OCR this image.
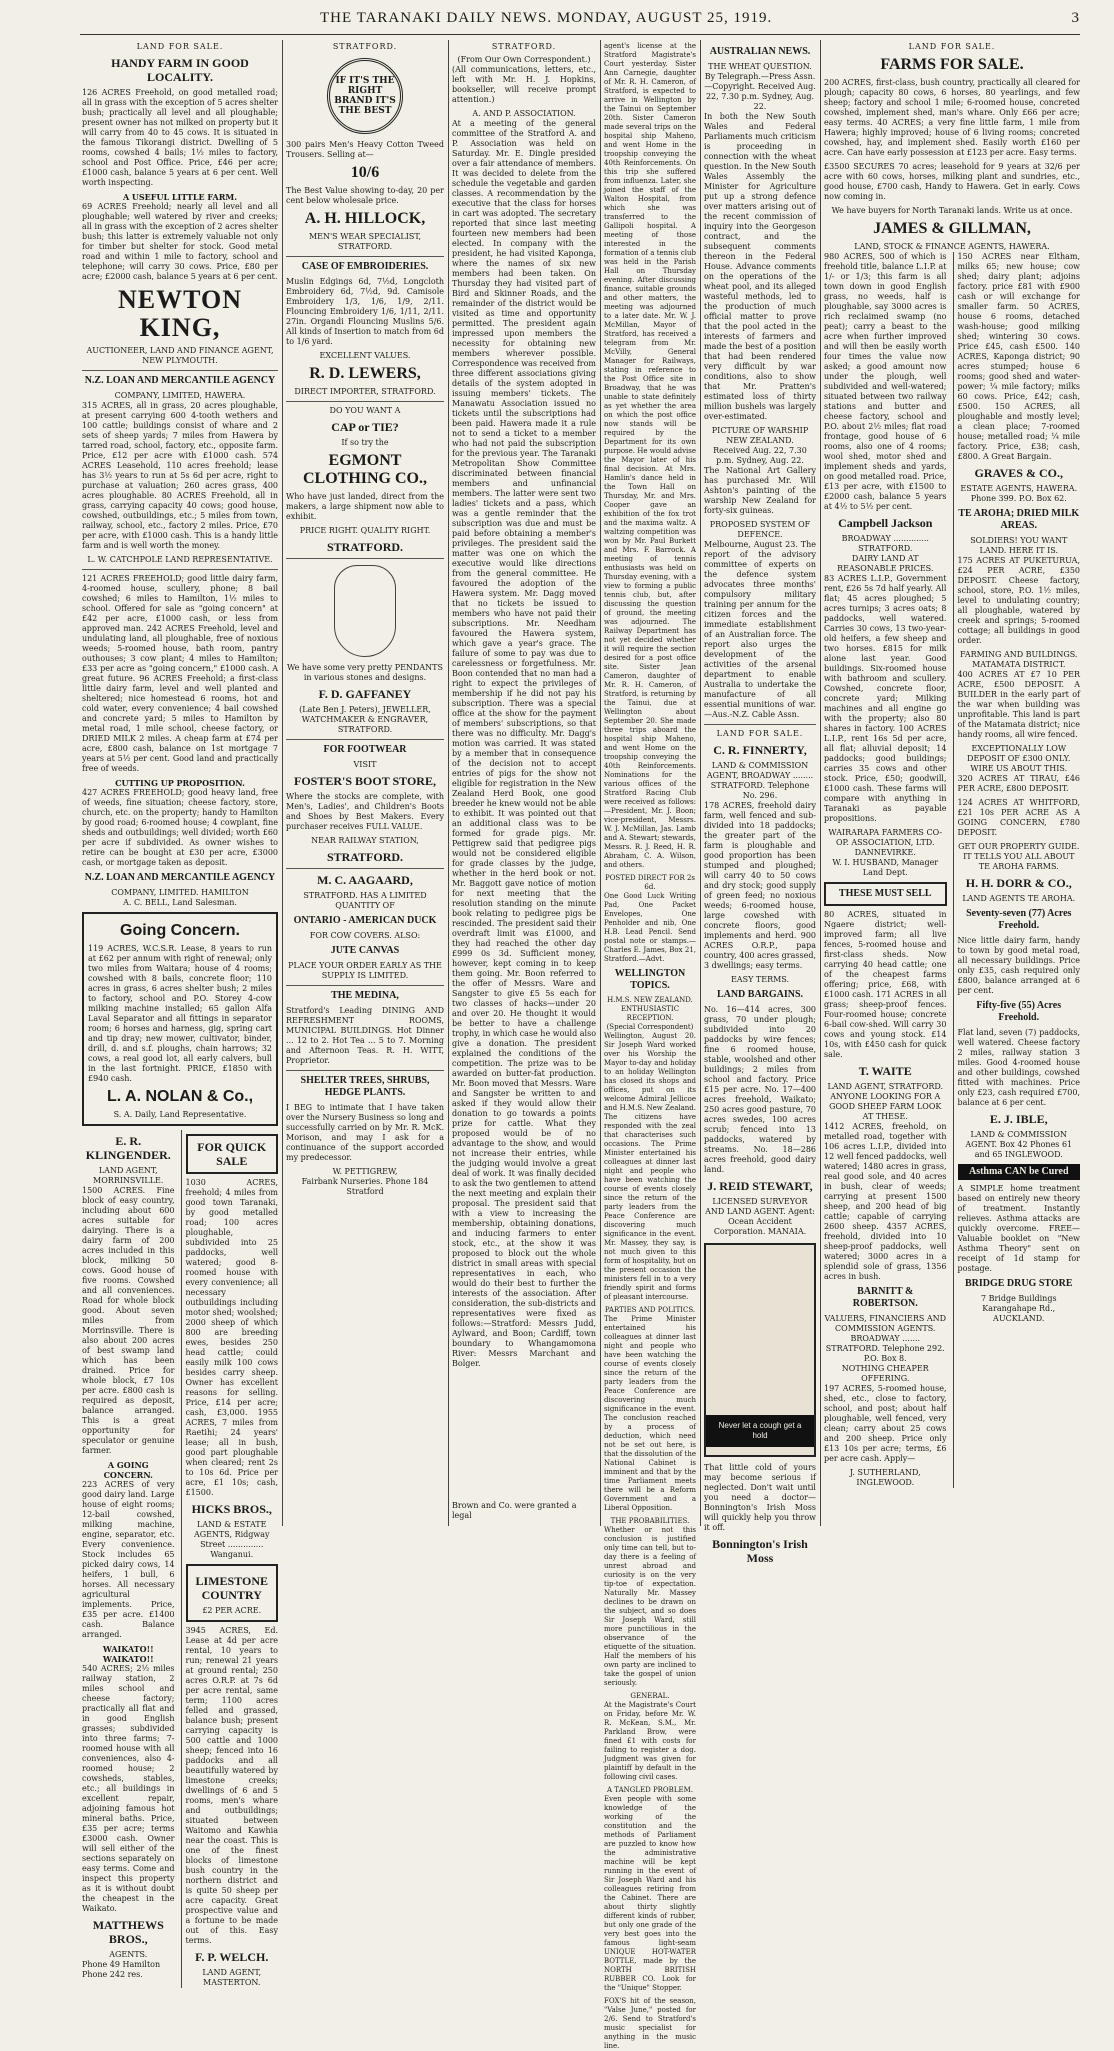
THE TARANAKI DAILY NEWS. MONDAY, AUGUST 25, 1919.	3
LAND FOR SALE.
HANDY FARM IN GOOD LOCALITY.

126 ACRES Freehold, on good metalled road; all in grass with the exception of 5 acres shelter bush; practically all level and all ploughable; present owner has not milked on property but it will carry from 40 to 45 cows. It is situated in the famous Tikorangi district. Dwelling of 5 rooms, cowshed 4 bails; 1½ miles to factory, school and Post Office. Price, £46 per acre; £1000 cash, balance 5 years at 6 per cent. Well worth inspecting.

A USEFUL LITTLE FARM.

69 ACRES Freehold; nearly all level and all ploughable; well watered by river and creeks; all in grass with the exception of 2 acres shelter bush; this latter is extremely valuable not only for timber but shelter for stock. Good metal road and within 1 mile to factory, school and telephone; will carry 30 cows. Price, £80 per acre; £2000 cash, balance 5 years at 6 per cent.

NEWTON KING,
AUCTIONEER, LAND AND FINANCE AGENT, NEW PLYMOUTH.
N.Z. LOAN AND MERCANTILE AGENCY
COMPANY, LIMITED, HAWERA.

315 ACRES, all in grass, 20 acres ploughable, at present carrying 600 4-tooth wethers and 100 cattle; buildings consist of whare and 2 sets of sheep yards; 7 miles from Hawera by tarred road, school, factory, etc., opposite farm. Price, £12 per acre with £1000 cash. 574 ACRES Leasehold, 110 acres freehold; lease has 3½ years to run at 5s 6d per acre, right to purchase at valuation; 260 acres grass, 400 acres ploughable. 80 ACRES Freehold, all in grass, carrying capacity 40 cows; good house, cowshed, outbuildings, etc.; 5 miles from town, railway, school, etc., factory 2 miles. Price, £70 per acre, with £1000 cash. This is a handy little farm and is well worth the money.

L. W. CATCHPOLE LAND REPRESENTATIVE.

121 ACRES FREEHOLD; good little dairy farm, 4-roomed house, scullery, phone; 8 bail cowshed; 6 miles to Hamilton, 1½ miles to school. Offered for sale as "going concern" at £42 per acre, £1000 cash, or less from approved man. 242 ACRES Freehold, level and undulating land, all ploughable, free of noxious weeds; 5-roomed house, bath room, pantry outhouses; 3 cow plant; 4 miles to Hamilton; £33 per acre as "going concern," £1000 cash. A great future. 96 ACRES Freehold; a first-class little dairy farm, level and well planted and sheltered; nice homestead 6 rooms, hot and cold water, every convenience; 4 bail cowshed and concrete yard; 5 miles to Hamilton by metal road, 1 mile school, cheese factory, or DRIED MILK 2 miles. A cheap farm at £74 per acre, £800 cash, balance on 1st mortgage 7 years at 5½ per cent. Good land and practically free of weeds.

CUTTING UP PROPOSITION.

427 ACRES FREEHOLD; good heavy land, free of weeds, fine situation; cheese factory, store, church, etc. on the property; handy to Hamilton by good road; 6-roomed house; 4 cowplant, fine sheds and outbuildings; well divided; worth £60 per acre if subdivided. As owner wishes to retire can be bought at £30 per acre, £3000 cash, or mortgage taken as deposit.

N.Z. LOAN AND MERCANTILE AGENCY
COMPANY, LIMITED. HAMILTON
A. C. BELL, Land Salesman.
Going Concern.

119 ACRES, W.C.S.R. Lease, 8 years to run at £62 per annum with right of renewal; only two miles from Waitara; house of 4 rooms; cowshed with 8 bails, concrete floor; 110 acres in grass, 6 acres shelter bush; 2 miles to factory, school and P.O. Storey 4-cow milking machine installed; 65 gallon Alfa Laval Separator and all fittings in separator room; 6 horses and harness, gig, spring cart and tip dray; new mower, cultivator, binder, drill, d. and s.f. ploughs, chain harrows; 32 cows, a real good lot, all early calvers, bull in the last fortnight. PRICE, £1850 with £940 cash.

L. A. NOLAN & Co.,
S. A. Daily, Land Representative.
E. R. KLINGENDER.
LAND AGENT, MORRINSVILLE.

1500 ACRES. Fine block of easy country, including about 600 acres suitable for dairying. There is a dairy farm of 200 acres included in this block, milking 50 cows. Good house of five rooms. Cowshed and all conveniences. Road for whole block good. About seven miles from Morrinsville. There is also about 200 acres of best swamp land which has been drained. Price for whole block, £7 10s per acre. £800 cash is required as deposit, balance arranged. This is a great opportunity for speculator or genuine farmer.

A GOING CONCERN.

223 ACRES of very good dairy land. Large house of eight rooms; 12-bail cowshed, milking machine, engine, separator, etc. Every convenience. Stock includes 65 picked dairy cows, 14 heifers, 1 bull, 6 horses. All necessary agricultural implements. Price, £35 per acre. £1400 cash. Balance arranged.

WAIKATO!! WAIKATO!!

540 ACRES; 2½ miles railway station, 2 miles school and cheese factory; practically all flat and in good English grasses; subdivided into three farms; 7-roomed house with all conveniences, also 4-roomed house; 2 cowsheds, stables, etc.; all buildings in excellent repair, adjoining famous hot mineral baths. Price, £35 per acre; terms £3000 cash. Owner will sell either of the sections separately on easy terms. Come and inspect this property as it is without doubt the cheapest in the Waikato.

MATTHEWS BROS.,
AGENTS.
Phone 49 Hamilton Phone 242 res.
FOR QUICK SALE

1030 ACRES, freehold; 4 miles from good town Taranaki, by good metalled road; 100 acres ploughable, subdivided into 25 paddocks, well watered; good 8-roomed house with every convenience; all necessary outbuildings including motor shed; woolshed; 2000 sheep of which 800 are breeding ewes, besides 250 head cattle; could easily milk 100 cows besides carry sheep. Owner has excellent reasons for selling. Price, £14 per acre; cash, £3,000. 1955 ACRES, 7 miles from Raetihi; 24 years' lease; all in bush, good part ploughable when cleared; rent 2s to 10s 6d. Price per acre, £1 10s; cash, £1500.

HICKS BROS.,
LAND & ESTATE AGENTS, Ridgway Street .............. Wanganui.
LIMESTONE COUNTRY
£2 PER ACRE.

3945 ACRES, Ed. Lease at 4d per acre rental, 10 years to run; renewal 21 years at ground rental; 250 acres O.R.P. at 7s 6d per acre rental, same term; 1100 acres felled and grassed, balance bush; present carrying capacity is 500 cattle and 1000 sheep; fenced into 16 paddocks and all beautifully watered by limestone creeks; dwellings of 6 and 5 rooms, men's whare and outbuildings; situated between Waitomo and Kawhia near the coast. This is one of the finest blocks of limestone bush country in the northern district and is quite 50 sheep per acre capacity. Great prospective value and a fortune to be made out of this. Easy terms.

F. P. WELCH.
LAND AGENT, MASTERTON.
STRATFORD.
IF IT'S THE RIGHT BRAND IT'S THE BEST

300 pairs Men's Heavy Cotton Tweed Trousers. Selling at—

10/6

The Best Value showing to-day, 20 per cent below wholesale price.

A. H. HILLOCK,
MEN'S WEAR SPECIALIST, STRATFORD.
CASE OF EMBROIDERIES.

Muslin Edgings 6d, 7½d, Longcloth Embroidery 6d, 7½d, 9d. Camisole Embroidery 1/3, 1/6, 1/9, 2/11. Flouncing Embroidery 1/6, 1/11, 2/11. 27in. Organdi Flouncing Muslins 5/6. All kinds of Insertion to match from 6d to 1/6 yard.

EXCELLENT VALUES.
R. D. LEWERS,
DIRECT IMPORTER, STRATFORD.
DO YOU WANT A
CAP or TIE?
If so try the
EGMONT CLOTHING CO.,

Who have just landed, direct from the makers, a large shipment now able to exhibit.

PRICE RIGHT. QUALITY RIGHT.
STRATFORD.
We have some very pretty PENDANTS in various stones and designs.
F. D. GAFFANEY
(Late Ben J. Peters), JEWELLER, WATCHMAKER & ENGRAVER, STRATFORD.
FOR FOOTWEAR
VISIT
FOSTER'S BOOT STORE,

Where the stocks are complete, with Men's, Ladies', and Children's Boots and Shoes by Best Makers. Every purchaser receives FULL VALUE.

NEAR RAILWAY STATION,
STRATFORD.
M. C. AAGAARD,
STRATFORD. HAS A LIMITED QUANTITY OF
ONTARIO - AMERICAN DUCK
FOR COW COVERS. ALSO:
JUTE CANVAS
PLACE YOUR ORDER EARLY AS THE SUPPLY IS LIMITED.
THE MEDINA,

Stratford's Leading DINING AND REFRESHMENT ROOMS, MUNICIPAL BUILDINGS. Hot Dinner ... 12 to 2. Hot Tea ... 5 to 7. Morning and Afternoon Teas. R. H. WITT, Proprietor.

SHELTER TREES, SHRUBS, HEDGE PLANTS.

I BEG to intimate that I have taken over the Nursery Business so long and successfully carried on by Mr. R. McK. Morison, and may I ask for a continuance of the support accorded my predecessor.

W. PETTIGREW,
Fairbank Nurseries. Phone 184 Stratford
STRATFORD.
(From Our Own Correspondent.)

(All communications, letters, etc., left with Mr. H. J. Hopkins, bookseller, will receive prompt attention.)

A. AND P. ASSOCIATION.

At a meeting of the general committee of the Stratford A. and P. Association was held on Saturday. Mr. E. Dingle presided over a fair attendance of members. It was decided to delete from the schedule the vegetable and garden classes. A recommendation by the executive that the class for horses in cart was adopted. The secretary reported that since last meeting fourteen new members had been elected. In company with the president, he had visited Kaponga, where the names of six new members had been taken. On Thursday they had visited part of Bird and Skinner Roads, and the remainder of the district would be visited as time and opportunity permitted. The president again impressed upon members the necessity for obtaining new members wherever possible. Correspondence was received from three different associations giving details of the system adopted in issuing members' tickets. The Manawatu Association issued no tickets until the subscriptions had been paid. Hawera made it a rule not to send a ticket to a member who had not paid the subscription for the previous year. The Taranaki Metropolitan Show Committee discriminated between financial members and unfinancial members. The latter were sent two ladies' tickets and a pass, which was a gentle reminder that the subscription was due and must be paid before obtaining a member's privileges. The president said the matter was one on which the executive would like directions from the general committee. He favoured the adoption of the Hawera system. Mr. Dagg moved that no tickets be issued to members who have not paid their subscriptions. Mr. Needham favoured the Hawera system, which gave a year's grace. The failure of some to pay was due to carelessness or forgetfulness. Mr. Boon contended that no man had a right to expect the privileges of membership if he did not pay his subscription. There was a special office at the show for the payment of members' subscriptions, so that there was no difficulty. Mr. Dagg's motion was carried. It was stated by a member that in consequence of the decision not to accept entries of pigs for the show not eligible for registration in the New Zealand Herd Book, one good breeder he knew would not be able to exhibit. It was pointed out that an additional class was to be formed for grade pigs. Mr. Pettigrew said that pedigree pigs would not be considered eligible for grade classes by the judge, whether in the herd book or not. Mr. Baggott gave notice of motion for next meeting that the resolution standing on the minute book relating to pedigree pigs be rescinded. The president said their overdraft limit was £1000, and they had reached the other day £999 0s 3d. Sufficient money, however, kept coming in to keep them going. Mr. Boon referred to the offer of Messrs. Ware and Sangster to give £5 5s each for two classes of hacks—under 20 and over 20. He thought it would be better to have a challenge trophy, in which case he would also give a donation. The president explained the conditions of the competition. The prize was to be awarded on butter-fat production. Mr. Boon moved that Messrs. Ware and Sangster be written to and asked if they would allow their donation to go towards a points prize for cattle. What they proposed would be of no advantage to the show, and would not increase their entries, while the judging would involve a great deal of work. It was finally decided to ask the two gentlemen to attend the next meeting and explain their proposal. The president said that with a view to increasing the membership, obtaining donations, and inducing farmers to enter stock, etc., at the show it was proposed to block out the whole district in small areas with special representatives in each, who would do their best to further the interests of the association. After consideration, the sub-districts and representatives were fixed as follows:—Stratford: Messrs Judd, Aylward, and Boon; Cardiff, town boundary to Whangamomona River: Messrs Marchant and Bolger.

Brown and Co. were granted a legal

agent's license at the Stratford Magistrate's Court yesterday. Sister Ann Carnegie, daughter of Mr. R. H. Cameron, of Stratford, is expected to arrive in Wellington by the Tainui on September 20th. Sister Cameron made several trips on the hospital ship Maheno, and went Home in the troopship conveying the 40th Reinforcements. On this trip she suffered from influenza. Later, she joined the staff of the Walton Hospital, from which she was transferred to the Gallipoli hospital. A meeting of those interested in the formation of a tennis club was held in the Parish Hall on Thursday evening. After discussing finance, suitable grounds and other matters, the meeting was adjourned to a later date. Mr. W. J. McMillan, Mayor of Stratford, has received a telegram from Mr. McVilly, General Manager for Railways, stating in reference to the Post Office site in Broadway, that he was unable to state definitely as yet whether the area on which the post office now stands will be required by the Department for its own purpose. He would advise the Mayor later of his final decision. At Mrs. Hamlin's dance held in the Town Hall on Thursday, Mr. and Mrs. Cooper gave an exhibition of the fox trot and the maxima waltz. A waltzing competition was won by Mr. Paul Burkett and Mrs. F. Barrock. A meeting of tennis enthusiasts was held on Thursday evening, with a view to forming a public tennis club, but, after discussing the question of ground, the meeting was adjourned. The Railway Department has not yet decided whether it will require the section desired for a post office site. Sister Jean Cameron, daughter of Mr. R. H. Cameron, of Stratford, is returning by the Tainui, due at Wellington about September 20. She made three trips aboard the hospital ship Maheno, and went Home on the troopship conveying the 40th Reinforcements. Nominations for the various offices of the Stratford Racing Club were received as follows:—President, Mr. J. Boon; vice-president, Messrs. W. J. McMillan, Jas. Lamb and A. Stewart; stewards, Messrs. R. J. Reed, H. R. Abraham, C. A. Wilson, and others.

POSTED DIRECT FOR 2s 6d.

One Good Luck Writing Pad, One Packet Envelopes, One Penholder and nib, One H.B. Lead Pencil. Send postal note or stamps.—Charles E. James, Box 21, Stratford.—Advt.

WELLINGTON TOPICS.
H.M.S. NEW ZEALAND.
ENTHUSIASTIC RECEPTION.
(Special Correspondent)

Wellington, August 20. Sir Joseph Ward worked over his Worship the Mayor to-day and holiday to an holiday Wellington has closed its shops and offices, put on its welcome Admiral Jellicoe and H.M.S. New Zealand. The citizens have responded with the zeal that characterises such occasions. The Prime Minister entertained his colleagues at dinner last night and people who have been watching the course of events closely since the return of the party leaders from the Peace Conference are discovering much significance in the event. Mr. Massey, they say, is not much given to this form of hospitality, but on the present occasion the ministers fell in to a very friendly spirit and forms of pleasant intercourse.

PARTIES AND POLITICS.

The Prime Minister entertained his colleagues at dinner last night and people who have been watching the course of events closely since the return of the party leaders from the Peace Conference are discovering much significance in the event. The conclusion reached by a process of deduction, which need not be set out here, is that the dissolution of the National Cabinet is imminent and that by the time Parliament meets there will be a Reform Government and a Liberal Opposition.

THE PROBABILITIES.

Whether or not this conclusion is justified only time can tell, but to-day there is a feeling of unrest abroad and curiosity is on the very tip-toe of expectation. Naturally Mr. Massey declines to be drawn on the subject, and so does Sir Joseph Ward, still more punctilious in the observance of the etiquette of the situation. Half the members of his own party are inclined to take the gospel of union seriously.

GENERAL.

At the Magistrate's Court on Friday, before Mr. W. R. McKean, S.M., Mr. Parkland Brow, were fined £1 with costs for failing to register a dog. Judgment was given for plaintiff by default in the following civil cases.

A TANGLED PROBLEM.

Even people with some knowledge of the working of the constitution and the methods of Parliament are puzzled to know how the administrative machine will be kept running in the event of Sir Joseph Ward and his colleagues retiring from the Cabinet. There are about thirty slightly different kinds of rubber, but only one grade of the very best goes into the famous light-seam UNIQUE HOT-WATER BOTTLE, made by the NORTH BRITISH RUBBER CO. Look for the "Unique" Stopper.

FOX'S hit of the season, "Valse June," posted for 2/6. Send to Stratford's music specialist for anything in the music line.

AUSTRALIAN NEWS.
THE WHEAT QUESTION.
By Telegraph.—Press Assn.—Copyright. Received Aug. 22, 7.30 p.m. Sydney, Aug. 22.

In both the New South Wales and Federal Parliaments much criticism is proceeding in connection with the wheat question. In the New South Wales Assembly the Minister for Agriculture put up a strong defence over matters arising out of the recent commission of inquiry into the Georgeson contract, and the subsequent comments thereon in the Federal House. Advance comments on the operations of the wheat pool, and its alleged wasteful methods, led to the production of much official matter to prove that the pool acted in the interests of farmers and made the best of a position that had been rendered very difficult by war conditions, also to show that Mr. Pratten's estimated loss of thirty million bushels was largely over-estimated.

PICTURE OF WARSHIP NEW ZEALAND.
Received Aug. 22, 7.30 p.m. Sydney, Aug. 22.

The National Art Gallery has purchased Mr. Will Ashton's painting of the warship New Zealand for forty-six guineas.

PROPOSED SYSTEM OF DEFENCE.

Melbourne, August 23. The report of the advisory committee of experts on the defence system advocates three months' compulsory military training per annum for the citizen forces and the immediate establishment of an Australian force. The report also urges the development of the activities of the arsenal department to enable Australia to undertake the manufacture of all essential munitions of war.—Aus.-N.Z. Cable Assn.

LAND FOR SALE.
C. R. FINNERTY,
LAND & COMMISSION AGENT, BROADWAY ........ STRATFORD. Telephone No. 296.

178 ACRES, freehold dairy farm, well fenced and sub-divided into 18 paddocks; the greater part of the farm is ploughable and good proportion has been stumped and ploughed; will carry 40 to 50 cows and dry stock; good supply of green feed; no noxious weeds; 6-roomed house, large cowshed with concrete floors, good implements and herd. 900 ACRES O.R.P., papa country, 400 acres grassed, 3 dwellings; easy terms.

EASY TERMS.
LAND BARGAINS.

No. 16—414 acres, 300 grass, 70 under plough; subdivided into 20 paddocks by wire fences; fine 6 roomed house, stable, woolshed and other buildings; 2 miles from school and factory. Price £15 per acre. No. 17—400 acres freehold, Waikato; 250 acres good pasture, 70 acres swedes, 100 acres scrub; fenced into 13 paddocks, watered by streams. No. 18—286 acres freehold, good dairy land.

J. REID STEWART,
LICENSED SURVEYOR AND LAND AGENT. Agent: Ocean Accident Corporation. MANAIA.
Never let a cough get a hold

That little cold of yours may become serious if neglected. Don't wait until you need a doctor—Bonnington's Irish Moss will quickly help you throw it off.

Bonnington's Irish Moss
LAND FOR SALE.
FARMS FOR SALE.

200 ACRES, first-class, bush country, practically all cleared for plough; capacity 80 cows, 6 horses, 80 yearlings, and few sheep; factory and school 1 mile; 6-roomed house, concreted cowshed, implement shed, man's whare. Only £66 per acre; easy terms. 40 ACRES; a very fine little farm, 1 mile from Hawera; highly improved; house of 6 living rooms; concreted cowshed, hay, and implement shed. Easily worth £160 per acre. Can have early possession at £123 per acre. Easy terms.

£3500 SECURES 70 acres; leasehold for 9 years at 32/6 per acre with 60 cows, horses, milking plant and sundries, etc., good house, £700 cash, Handy to Hawera. Get in early. Cows now coming in.

We have buyers for North Taranaki lands. Write us at once.
JAMES & GILLMAN,
LAND, STOCK & FINANCE AGENTS, HAWERA.

980 ACRES, 500 of which is freehold title, balance L.I.P. at 1/- or 1/3; this farm is all town down in good English grass, no weeds, half is ploughable, say 3000 acres is rich reclaimed swamp (no peat); carry a beast to the acre when further improved and will then be easily worth four times the value now asked; a good amount now under the plough, well subdivided and well-watered; situated between two railway stations and butter and cheese factory, school and P.O. about 2½ miles; flat road frontage, good house of 6 rooms, also one of 4 rooms; wool shed, motor shed and implement sheds and yards, on good metalled road. Price, £13 per acre, with £1500 to £2000 cash, balance 5 years at 4½ to 5½ per cent.

Campbell Jackson
BROADWAY .............. STRATFORD.
DAIRY LAND AT REASONABLE PRICES.

83 ACRES L.I.P., Government rent, £26 5s 7d half yearly. All flat; 45 acres ploughed; 5 acres turnips; 3 acres oats; 8 paddocks, well watered. Carries 30 cows, 13 two-year-old heifers, a few sheep and two horses. £815 for milk alone last year. Good buildings. Six-roomed house with bathroom and scullery. Cowshed, concrete floor, concrete yard; Milking machines and all engine go with the property; also 80 shares in factory. 100 ACRES L.I.P., rent 16s 5d per acre, all flat; alluvial deposit; 14 paddocks; good buildings; carries 35 cows and other stock. Price, £50; goodwill, £1000 cash. These farms will compare with anything in Taranaki as payable propositions.

WAIRARAPA FARMERS CO-OP. ASSOCIATION, LTD. DANNEVIRKE.
W. I. HUSBAND, Manager Land Dept.
THESE MUST SELL

80 ACRES, situated in Ngaere district; well-improved farm; all live fences, 5-roomed house and first-class sheds. Now carrying 40 head cattle; one of the cheapest farms offering; price, £68, with £1000 cash. 171 ACRES in all grass; sheep-proof fences. Four-roomed house; concrete 6-bail cow-shed. Will carry 30 cows and young stock. £14 10s, with £450 cash for quick sale.

T. WAITE
LAND AGENT, STRATFORD.
ANYONE LOOKING FOR A GOOD SHEEP FARM LOOK AT THESE.

1412 ACRES, freehold, on metalled road, together with 106 acres L.I.P., divided into 12 well fenced paddocks, well watered; 1480 acres in grass, real good sole, and 40 acres in bush, clear of weeds; carrying at present 1500 sheep, and 200 head of big cattle; capable of carrying 2600 sheep. 4357 ACRES, freehold, divided into 10 sheep-proof paddocks, well watered; 3000 acres in a splendid sole of grass, 1356 acres in bush.

BARNITT & ROBERTSON.
VALUERS, FINANCIERS AND COMMISSION AGENTS. BROADWAY ....... STRATFORD. Telephone 292. P.O. Box 8.
NOTHING CHEAPER OFFERING.

197 ACRES, 5-roomed house, shed, etc., close to factory, school, and post; about half ploughable, well fenced, very clean; carry about 25 cows and 200 sheep. Price only £13 10s per acre; terms, £6 per acre cash. Apply—

J. SUTHERLAND,
INGLEWOOD.

150 ACRES near Eltham, milks 65; new house; cow shed; dairy plant; adjoins factory. price £81 with £900 cash or will exchange for smaller farm. 50 ACRES, house 6 rooms, detached wash-house; good milking shed; wintering 30 cows. Price £45, cash £500. 140 ACRES, Kaponga district; 90 acres stumped; house 6 rooms; good shed and water-power; ¼ mile factory; milks 60 cows. Price, £42; cash, £500. 150 ACRES, all ploughable and mostly level; a clean place; 7-roomed house; metalled road; ¼ mile factory. Price, £38; cash, £800. A Great Bargain.

GRAVES & CO.,
ESTATE AGENTS, HAWERA. Phone 399. P.O. Box 62.
TE AROHA; DRIED MILK AREAS.
SOLDIERS! YOU WANT LAND. HERE IT IS.

175 ACRES AT PUKETURUA, £24 PER ACRE, £350 DEPOSIT. Cheese factory, school, store, P.O. 1½ miles, level to undulating country; all ploughable, watered by creek and springs; 5-roomed cottage; all buildings in good order.

FARMING AND BUILDINGS.
MATAMATA DISTRICT.

400 ACRES AT £7 10 PER ACRE, £500 DEPOSIT. A BUILDER in the early part of the war when building was unprofitable. This land is part of the Matamata district; nice handy rooms, all wire fenced.

EXCEPTIONALLY LOW DEPOSIT OF £300 ONLY. WIRE US ABOUT THIS.

320 ACRES AT TIRAU, £46 PER ACRE, £800 DEPOSIT.

124 ACRES AT WHITFORD, £21 10s PER ACRE AS A GOING CONCERN, £780 DEPOSIT.

GET OUR PROPERTY GUIDE. IT TELLS YOU ALL ABOUT TE AROHA FARMS.
H. H. DORR & CO.,
LAND AGENTS TE AROHA.
Seventy-seven (77) Acres Freehold.

Nice little dairy farm, handy to town by good metal road, all necessary buildings. Price only £35, cash required only £800, balance arranged at 6 per cent.

Fifty-five (55) Acres Freehold.

Flat land, seven (7) paddocks, well watered. Cheese factory 2 miles, railway station 3 miles. Good 4-roomed house and other buildings, cowshed fitted with machines. Price only £23, cash required £700, balance at 6 per cent.

E. J. IBLE,
LAND & COMMISSION AGENT. Box 42 Phones 61 and 65 INGLEWOOD.
Asthma CAN be Cured

A SIMPLE home treatment based on entirely new theory of treatment. Instantly relieves. Asthma attacks are quickly overcome. FREE—Valuable booklet on "New Asthma Theory" sent on receipt of 1d stamp for postage.

BRIDGE DRUG STORE
7 Bridge Buildings Karangahape Rd., AUCKLAND.
